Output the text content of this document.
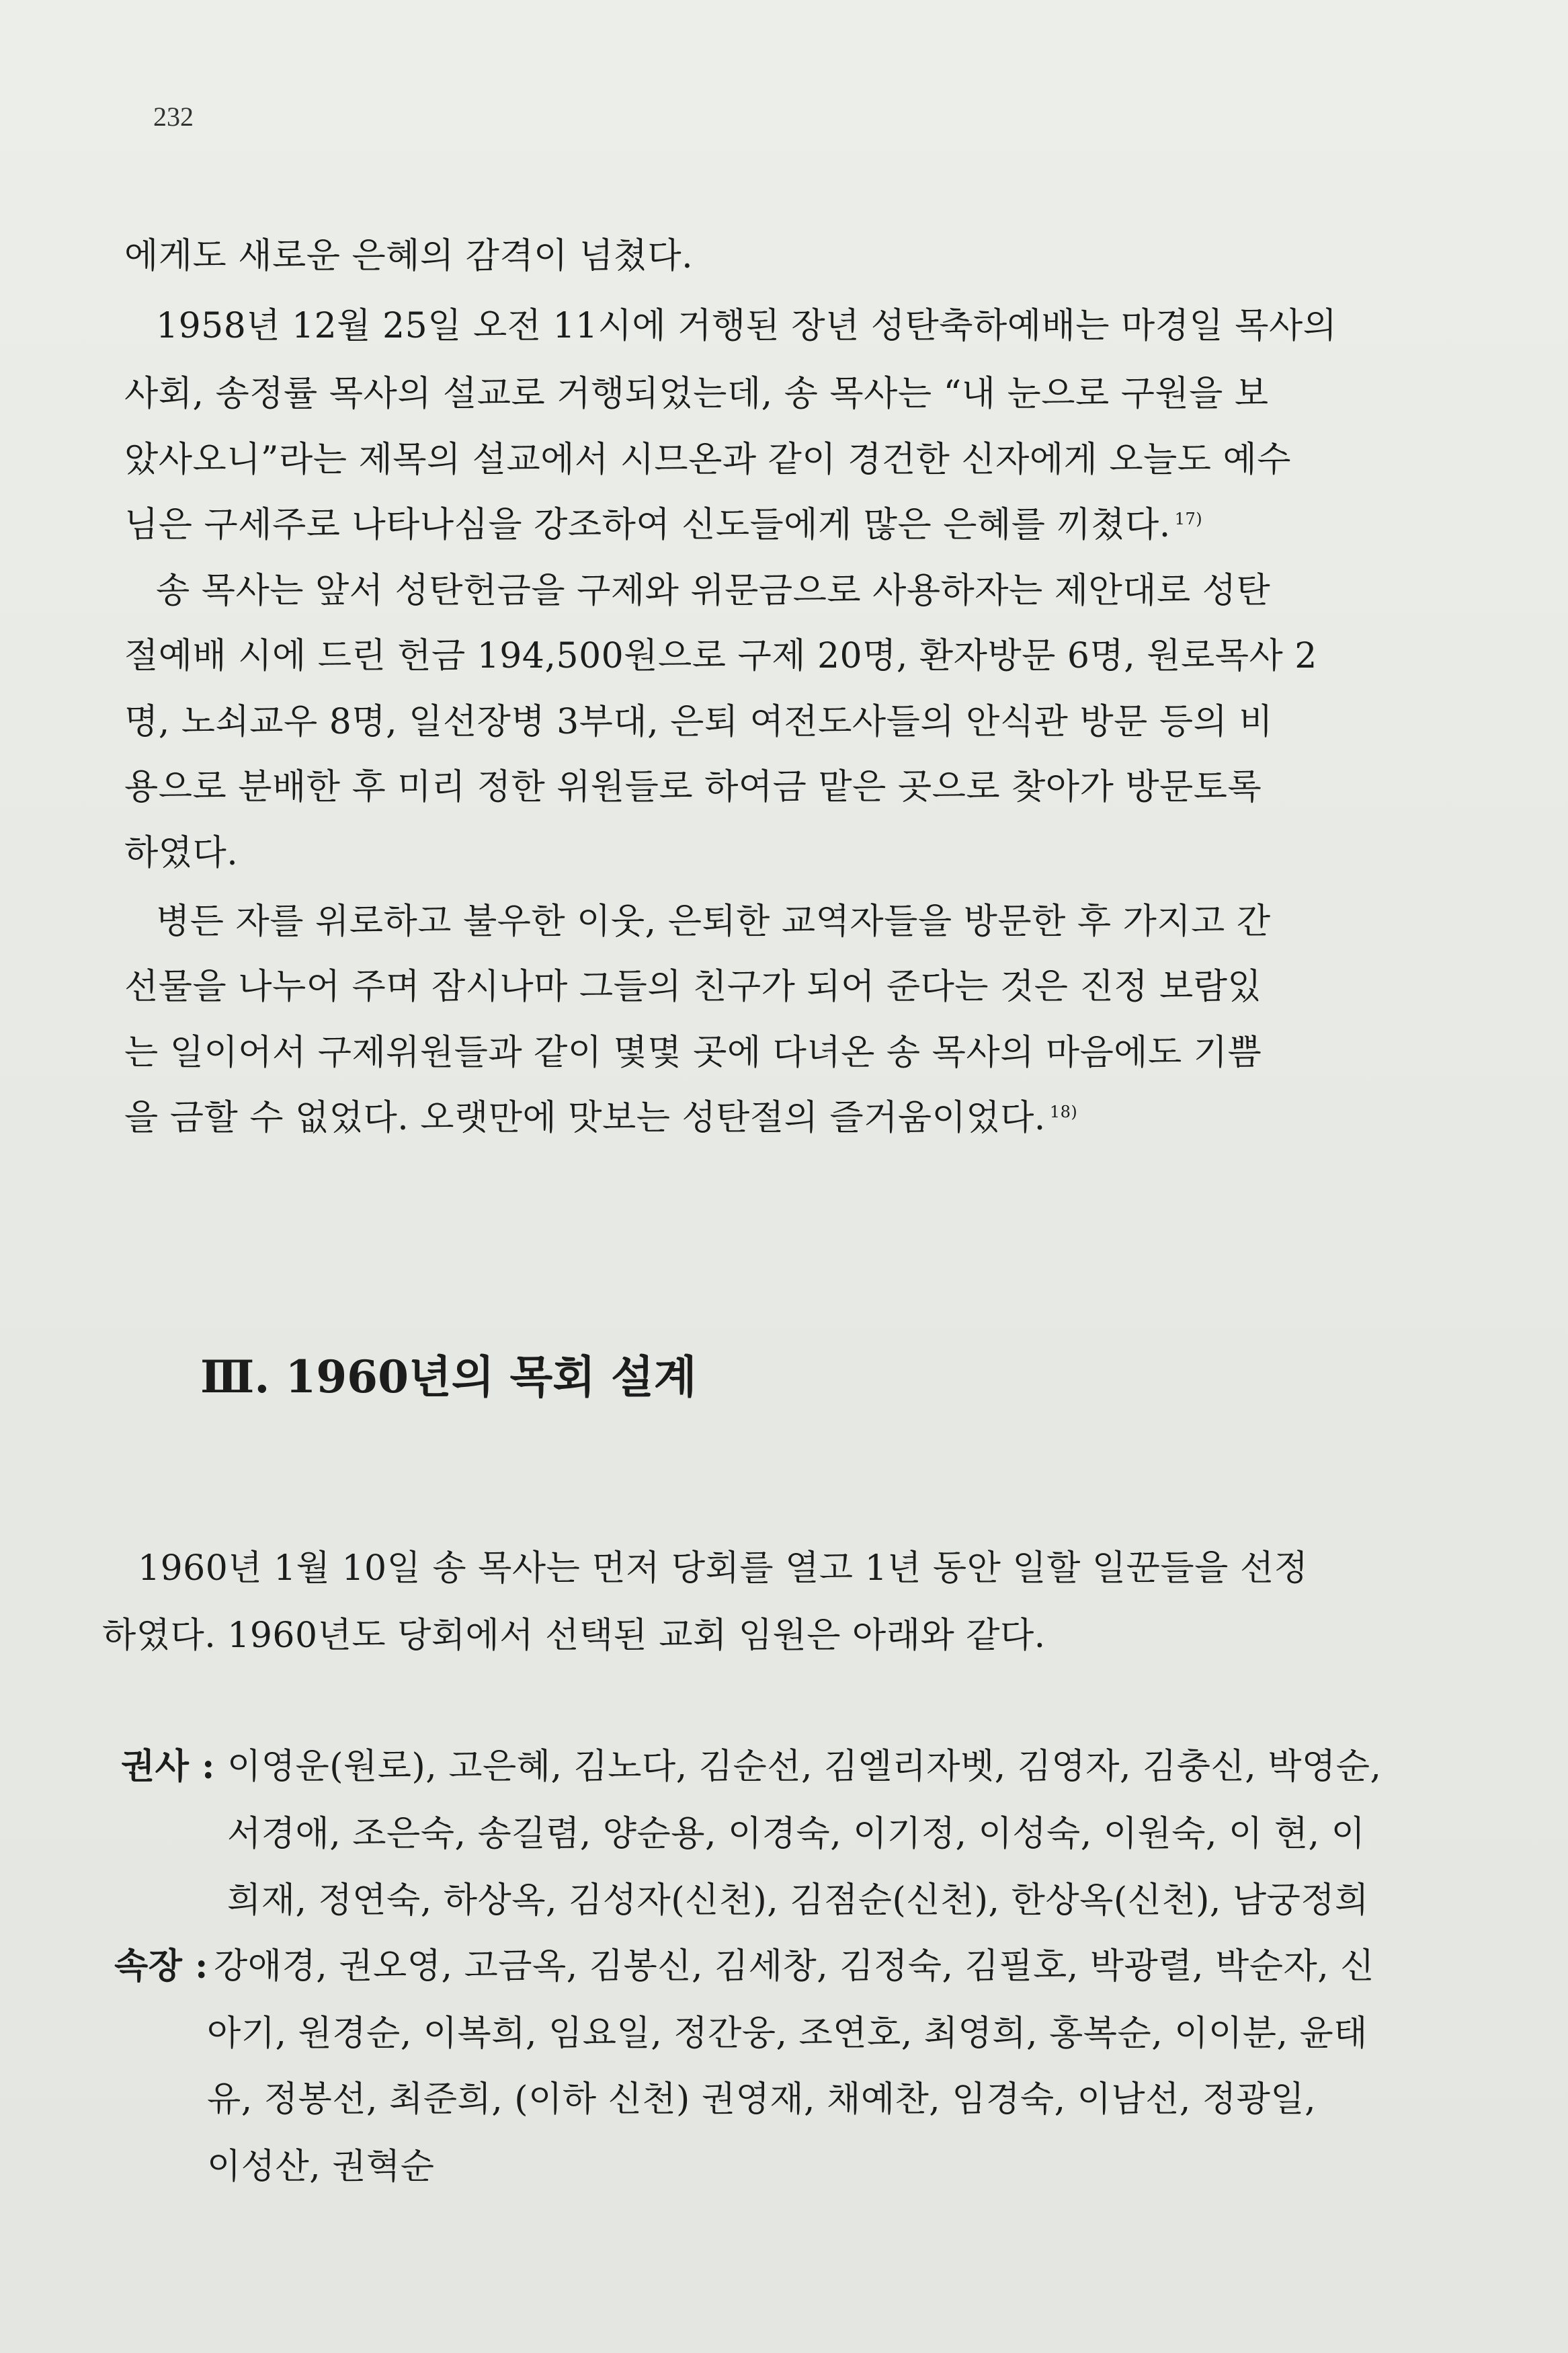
232
에게도 새로운 은혜의 감격이 넘쳤다.
1958년 12월 25일 오전 11시에 거행된 장년 성탄축하예배는 마경일 목사의
사회, 송정률 목사의 설교로 거행되었는데, 송 목사는 “내 눈으로 구원을 보
았사오니”라는 제목의 설교에서 시므온과 같이 경건한 신자에게 오늘도 예수
님은 구세주로 나타나심을 강조하여 신도들에게 많은 은혜를 끼쳤다. $^{17)}$
송 목사는 앞서 성탄헌금을 구제와 위문금으로 사용하자는 제안대로 성탄
절예배 시에 드린 헌금 194,500원으로 구제 20명, 환자방문 6명, 원로목사 2
명, 노쇠교우 8명, 일선장병 3부대, 은퇴 여전도사들의 안식관 방문 등의 비
용으로 분배한 후 미리 정한 위원들로 하여금 맡은 곳으로 찾아가 방문토록
하였다.
병든 자를 위로하고 불우한 이웃, 은퇴한 교역자들을 방문한 후 가지고 간
선물을 나누어 주며 잠시나마 그들의 친구가 되어 준다는 것은 진정 보람있
는 일이어서 구제위원들과 같이 몇몇 곳에 다녀온 송 목사의 마음에도 기쁨
을 금할 수 없었다. 오랫만에 맛보는 성탄절의 즐거움이었다. $^{18)}$
Ⅲ. 1960년의 목회 설계
1960년 1월 10일 송 목사는 먼저 당회를 열고 1년 동안 일할 일꾼들을 선정
하였다. 1960년도 당회에서 선택된 교회 임원은 아래와 같다.
권사 : 이영운(원로), 고은혜, 김노다, 김순선, 김엘리자벳, 김영자, 김충신, 박영순,
서경애, 조은숙, 송길렴, 양순용, 이경숙, 이기정, 이성숙, 이원숙, 이 현, 이
희재, 정연숙, 하상옥, 김성자(신천), 김점순(신천), 한상옥(신천), 남궁정희
속장 : 강애경, 권오영, 고금옥, 김봉신, 김세창, 김정숙, 김필호, 박광렬, 박순자, 신
아기, 원경순, 이복희, 임요일, 정간웅, 조연호, 최영희, 홍복순, 이이분, 윤태
유, 정봉선, 최준희, (이하 신천) 권영재, 채예찬, 임경숙, 이남선, 정광일,
이성산, 권혁순
